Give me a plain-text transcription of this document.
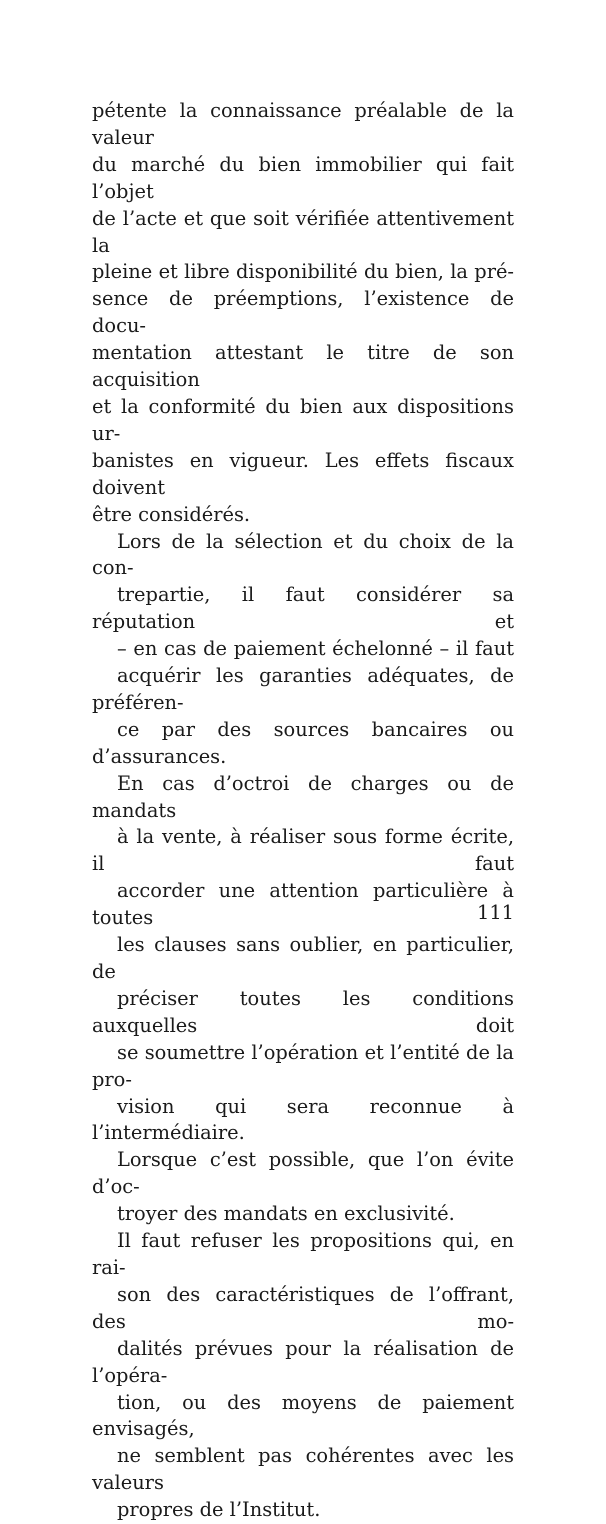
pétente la connaissance préalable de la valeur
du marché du bien immobilier qui fait l’objet
de l’acte et que soit vérifiée attentivement la
pleine et libre disponibilité du bien, la pré-
sence de préemptions, l’existence de docu-
mentation attestant le titre de son acquisition
et la conformité du bien aux dispositions ur-
banistes en vigueur. Les effets fiscaux doivent
être considérés.

Lors de la sélection et du choix de la con-
trepartie, il faut considérer sa réputation et
– en cas de paiement échelonné – il faut
acquérir les garanties adéquates, de préféren-
ce par des sources bancaires ou d’assurances.

En cas d’octroi de charges ou de mandats
à la vente, à réaliser sous forme écrite, il faut
accorder une attention particulière à toutes
les clauses sans oublier, en particulier, de
préciser toutes les conditions auxquelles doit
se soumettre l’opération et l’entité de la pro-
vision qui sera reconnue à l’intermédiaire.
Lorsque c’est possible, que l’on évite d’oc-
troyer des mandats en exclusivité.

Il faut refuser les propositions qui, en rai-
son des caractéristiques de l’offrant, des mo-
dalités prévues pour la réalisation de l’opéra-
tion, ou des moyens de paiement envisagés,
ne semblent pas cohérentes avec les valeurs
propres de l’Institut.

111
